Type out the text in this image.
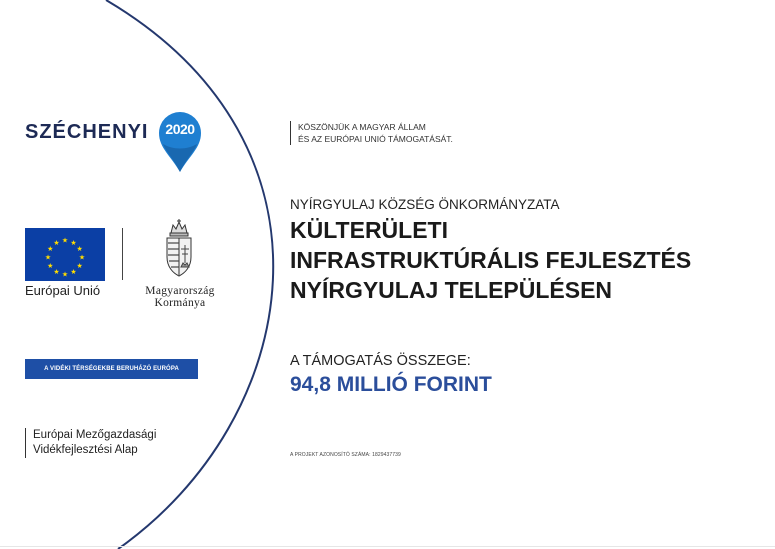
SZÉCHENYI	2020
★ ★
★
★
★
★
★
★
★
★
★
★
Európai Unió	Magyarország
Kormánya
A VIDÉKI TÉRSÉGEKBE BERUHÁZÓ EURÓPA
Európai Mezőgazdasági
Vidékfejlesztési Alap
KÖSZÖNJÜK A MAGYAR ÁLLAM
ÉS AZ EURÓPAI UNIÓ TÁMOGATÁSÁT.
NYÍRGYULAJ KÖZSÉG ÖNKORMÁNYZATA
KÜLTERÜLETI
INFRASTRUKTÚRÁLIS FEJLESZTÉS
NYÍRGYULAJ TELEPÜLÉSEN
A TÁMOGATÁS ÖSSZEGE:
94,8 MILLIÓ FORINT
A PROJEKT AZONOSÍTÓ SZÁMA: 1829437739
